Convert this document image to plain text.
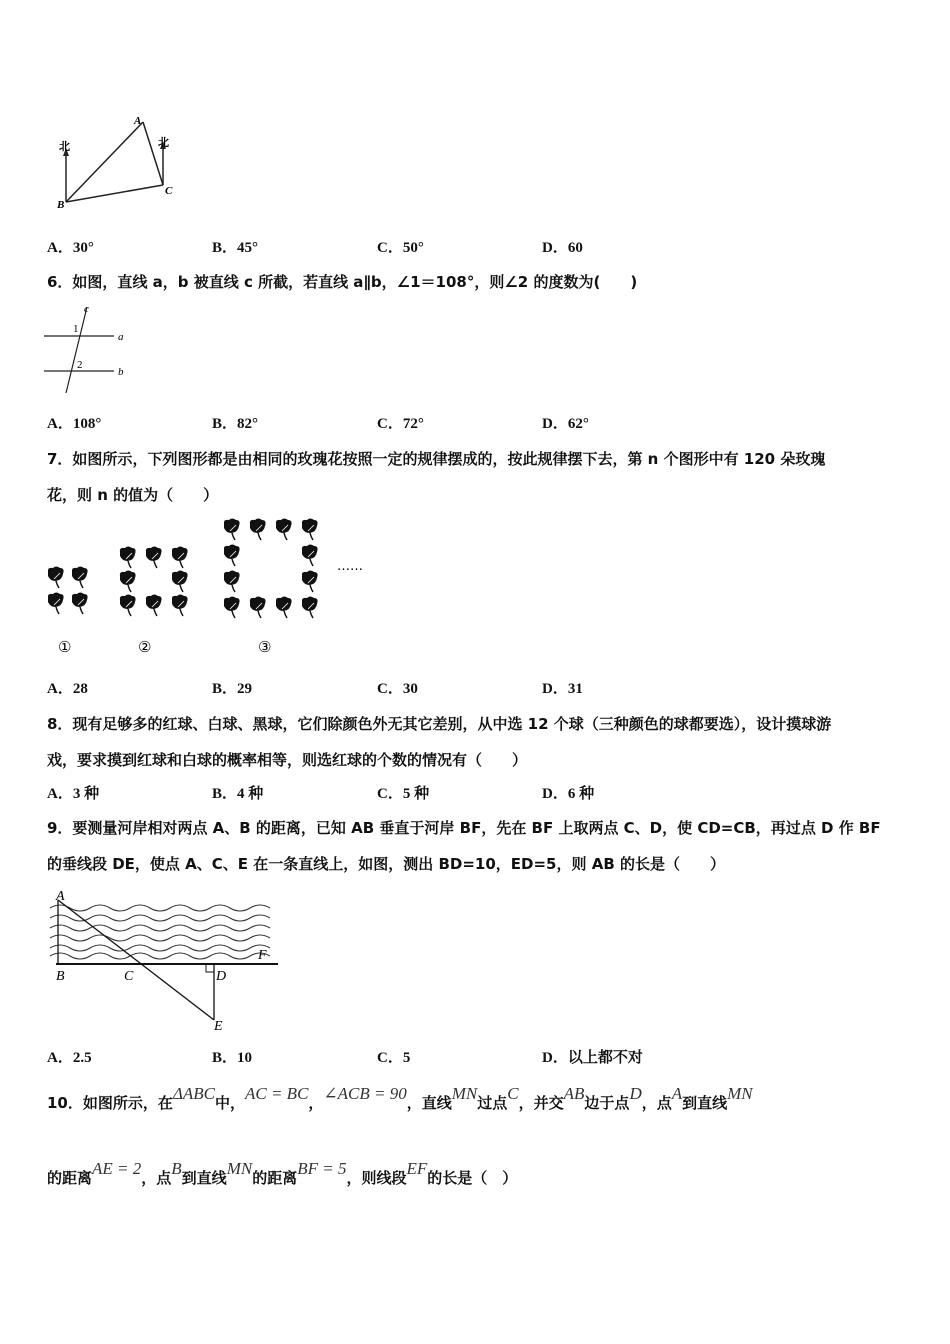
北	北
A
B
C
A．30°	B．45°	C．50°	D．60
6．如图，直线 a，b 被直线 c 所截，若直线 a∥b，∠1＝108°，则∠2 的度数为(　　)
c
a
b
1
2
A．108°	B．82°	C．72°	D．62°
7．如图所示，下列图形都是由相同的玫瑰花按照一定的规律摆成的，按此规律摆下去，第 n 个图形中有 120 朵玫瑰
花，则 n 的值为（　　）
……
①	②	③
A．28	B．29	C．30	D．31
8．现有足够多的红球、白球、黑球，它们除颜色外无其它差别，从中选 12 个球（三种颜色的球都要选），设计摸球游
戏，要求摸到红球和白球的概率相等，则选红球的个数的情况有（　　）
A．3 种	B．4 种	C．5 种	D．6 种
9．要测量河岸相对两点 A、B 的距离，已知 AB 垂直于河岸 BF，先在 BF 上取两点 C、D，使 CD=CB，再过点 D 作 BF
的垂线段 DE，使点 A、C、E 在一条直线上，如图，测出 BD=10，ED=5，则 AB 的长是（　　）
A
B	C	D
E
F
A．2.5	B．10	C．5	D．以上都不对
10．如图所示，在ΔABC中，AC = BC，∠ACB = 90，直线MN过点C，并交AB边于点D，点A到直线MN
的距离AE = 2，点B到直线MN的距离BF = 5，则线段EF的长是（　）
